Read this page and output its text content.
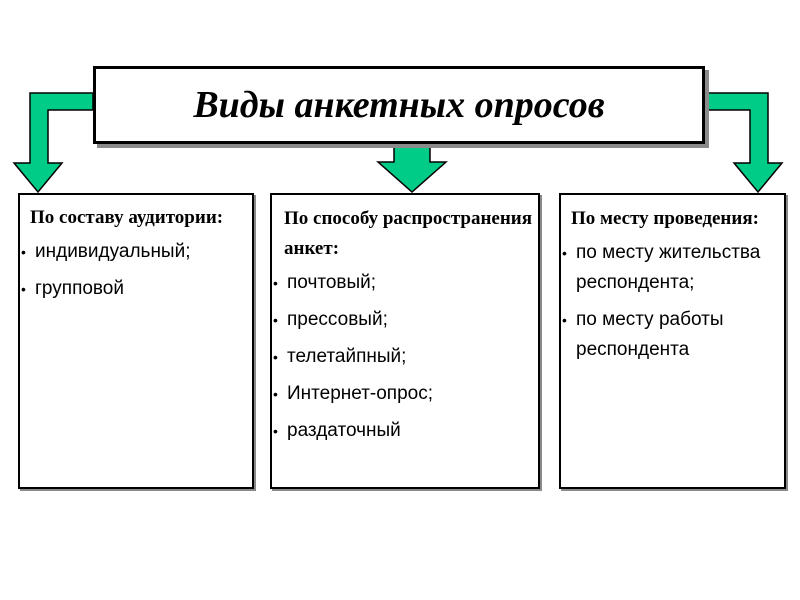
Виды анкетных опросов
По составу аудитории:
• индивидуальный;
• групповой
По способу распространения анкет:
• почтовый;
• прессовый;
• телетайпный;
• Интернет-опрос;
• раздаточный
По месту проведения:
• по месту жительства респондента;
• по месту работы респондента
